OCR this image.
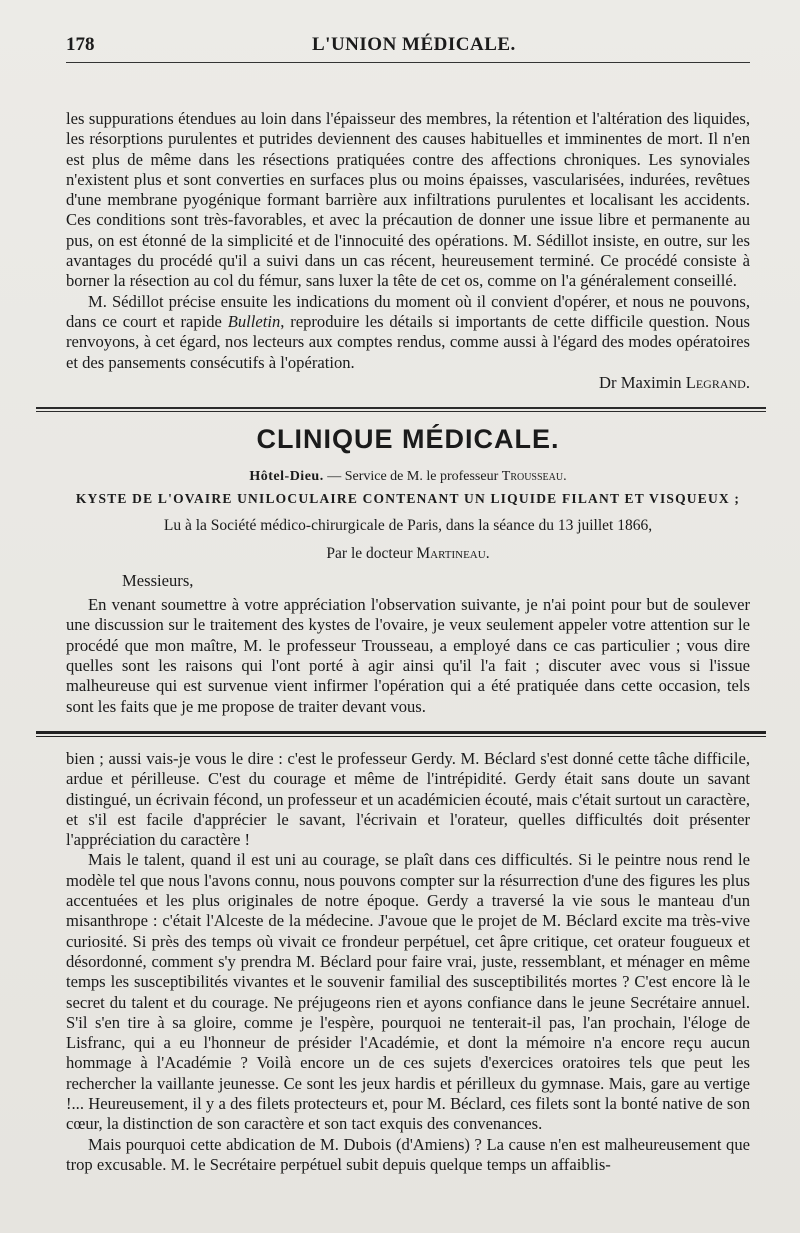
178	L'UNION MÉDICALE.

les suppurations étendues au loin dans l'épaisseur des membres, la rétention et l'altération des liquides, les résorptions purulentes et putrides deviennent des causes habituelles et imminentes de mort. Il n'en est plus de même dans les résections pratiquées contre des affections chroniques. Les synoviales n'existent plus et sont converties en surfaces plus ou moins épaisses, vascularisées, indurées, revêtues d'une membrane pyogénique formant barrière aux infiltrations purulentes et localisant les accidents. Ces conditions sont très-favorables, et avec la précaution de donner une issue libre et permanente au pus, on est étonné de la simplicité et de l'innocuité des opérations. M. Sédillot insiste, en outre, sur les avantages du procédé qu'il a suivi dans un cas récent, heureusement terminé. Ce procédé consiste à borner la résection au col du fémur, sans luxer la tête de cet os, comme on l'a généralement conseillé.

M. Sédillot précise ensuite les indications du moment où il convient d'opérer, et nous ne pouvons, dans ce court et rapide Bulletin, reproduire les détails si importants de cette difficile question. Nous renvoyons, à cet égard, nos lecteurs aux comptes rendus, comme aussi à l'égard des modes opératoires et des pansements consécutifs à l'opération.

Dr Maximin Legrand.

CLINIQUE MÉDICALE.
Hôtel-Dieu. — Service de M. le professeur Trousseau.
KYSTE DE L'OVAIRE UNILOCULAIRE CONTENANT UN LIQUIDE FILANT ET VISQUEUX ;
Lu à la Société médico-chirurgicale de Paris, dans la séance du 13 juillet 1866,
Par le docteur Martineau.
Messieurs,

En venant soumettre à votre appréciation l'observation suivante, je n'ai point pour but de soulever une discussion sur le traitement des kystes de l'ovaire, je veux seulement appeler votre attention sur le procédé que mon maître, M. le professeur Trousseau, a employé dans ce cas particulier ; vous dire quelles sont les raisons qui l'ont porté à agir ainsi qu'il l'a fait ; discuter avec vous si l'issue malheureuse qui est survenue vient infirmer l'opération qui a été pratiquée dans cette occasion, tels sont les faits que je me propose de traiter devant vous.

bien ; aussi vais-je vous le dire : c'est le professeur Gerdy. M. Béclard s'est donné cette tâche difficile, ardue et périlleuse. C'est du courage et même de l'intrépidité. Gerdy était sans doute un savant distingué, un écrivain fécond, un professeur et un académicien écouté, mais c'était surtout un caractère, et s'il est facile d'apprécier le savant, l'écrivain et l'orateur, quelles difficultés doit présenter l'appréciation du caractère !

Mais le talent, quand il est uni au courage, se plaît dans ces difficultés. Si le peintre nous rend le modèle tel que nous l'avons connu, nous pouvons compter sur la résurrection d'une des figures les plus accentuées et les plus originales de notre époque. Gerdy a traversé la vie sous le manteau d'un misanthrope : c'était l'Alceste de la médecine. J'avoue que le projet de M. Béclard excite ma très-vive curiosité. Si près des temps où vivait ce frondeur perpétuel, cet âpre critique, cet orateur fougueux et désordonné, comment s'y prendra M. Béclard pour faire vrai, juste, ressemblant, et ménager en même temps les susceptibilités vivantes et le souvenir familial des susceptibilités mortes ? C'est encore là le secret du talent et du courage. Ne préjugeons rien et ayons confiance dans le jeune Secrétaire annuel. S'il s'en tire à sa gloire, comme je l'espère, pourquoi ne tenterait-il pas, l'an prochain, l'éloge de Lisfranc, qui a eu l'honneur de présider l'Académie, et dont la mémoire n'a encore reçu aucun hommage à l'Académie ? Voilà encore un de ces sujets d'exercices oratoires tels que peut les rechercher la vaillante jeunesse. Ce sont les jeux hardis et périlleux du gymnase. Mais, gare au vertige !... Heureusement, il y a des filets protecteurs et, pour M. Béclard, ces filets sont la bonté native de son cœur, la distinction de son caractère et son tact exquis des convenances.

Mais pourquoi cette abdication de M. Dubois (d'Amiens) ? La cause n'en est malheureusement que trop excusable. M. le Secrétaire perpétuel subit depuis quelque temps un affaiblis-
